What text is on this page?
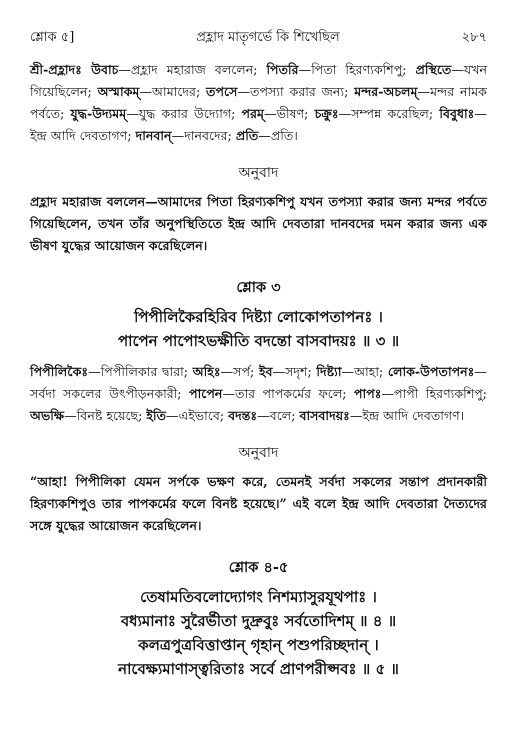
শ্লোক ৫]	প্রহ্লাদ মাতৃগর্ভে কি শিখেছিল	২৮৭

শ্রী-প্রহ্লাদঃ উবাচ—প্রহ্লাদ মহারাজ বললেন; পিতরি—পিতা হিরণ্যকশিপু; প্রস্থিতে—যখন গিয়েছিলেন; অস্মাকম্—আমাদের; তপসে—তপস্যা করার জন্য; মন্দর-অচলম্—মন্দর নামক পর্বতে; যুদ্ধ-উদ্যমম্—যুদ্ধ করার উদ্যোগ; পরম্—ভীষণ; চক্রুঃ—সম্পন্ন করেছিল; বিবুধাঃ—ইন্দ্র আদি দেবতাগণ; দানবান্—দানবদের; প্রতি—প্রতি।

অনুবাদ

প্রহ্লাদ মহারাজ বললেন—আমাদের পিতা হিরণ্যকশিপু যখন তপস্যা করার জন্য মন্দর পর্বতে গিয়েছিলেন, তখন তাঁর অনুপস্থিতিতে ইন্দ্র আদি দেবতারা দানবদের দমন করার জন্য এক ভীষণ যুদ্ধের আয়োজন করেছিলেন।

শ্লোক ৩
পিপীলিকৈরহিরিব দিষ্ট্যা লোকোপতাপনঃ ।
পাপেন পাপোঽভক্ষীতি বদন্তো বাসবাদয়ঃ ॥ ৩ ॥

পিপীলিকৈঃ—পিপীলিকার দ্বারা; অহিঃ—সর্প; ইব—সদৃশ; দিষ্ট্যা—আহা; লোক-উপতাপনঃ—সর্বদা সকলের উৎপীড়নকারী; পাপেন—তার পাপকর্মের ফলে; পাপঃ—পাপী হিরণ্যকশিপু; অভক্ষি—বিনষ্ট হয়েছে; ইতি—এইভাবে; বদন্তঃ—বলে; বাসবাদয়ঃ—ইন্দ্র আদি দেবতাগণ।

অনুবাদ

“আহা! পিপীলিকা যেমন সর্পকে ভক্ষণ করে, তেমনই সর্বদা সকলের সন্তাপ প্রদানকারী হিরণ্যকশিপুও তার পাপকর্মের ফলে বিনষ্ট হয়েছে।” এই বলে ইন্দ্র আদি দেবতারা দৈত্যদের সঙ্গে যুদ্ধের আয়োজন করেছিলেন।

শ্লোক ৪-৫
তেষামতিবলোদ্যোগং নিশম্যাসুরযূথপাঃ ।
বধ্যমানাঃ সুরৈর্ভীতা দুদ্রুবুঃ সর্বতোদিশম্ ॥ ৪ ॥
কলত্রপুত্রবিত্তাপ্তান্ গৃহান্ পশুপরিচ্ছদান্ ।
নাবেক্ষ্যমাণাস্ত্বরিতাঃ সর্বে প্রাণপরীপ্সবঃ ॥ ৫ ॥
